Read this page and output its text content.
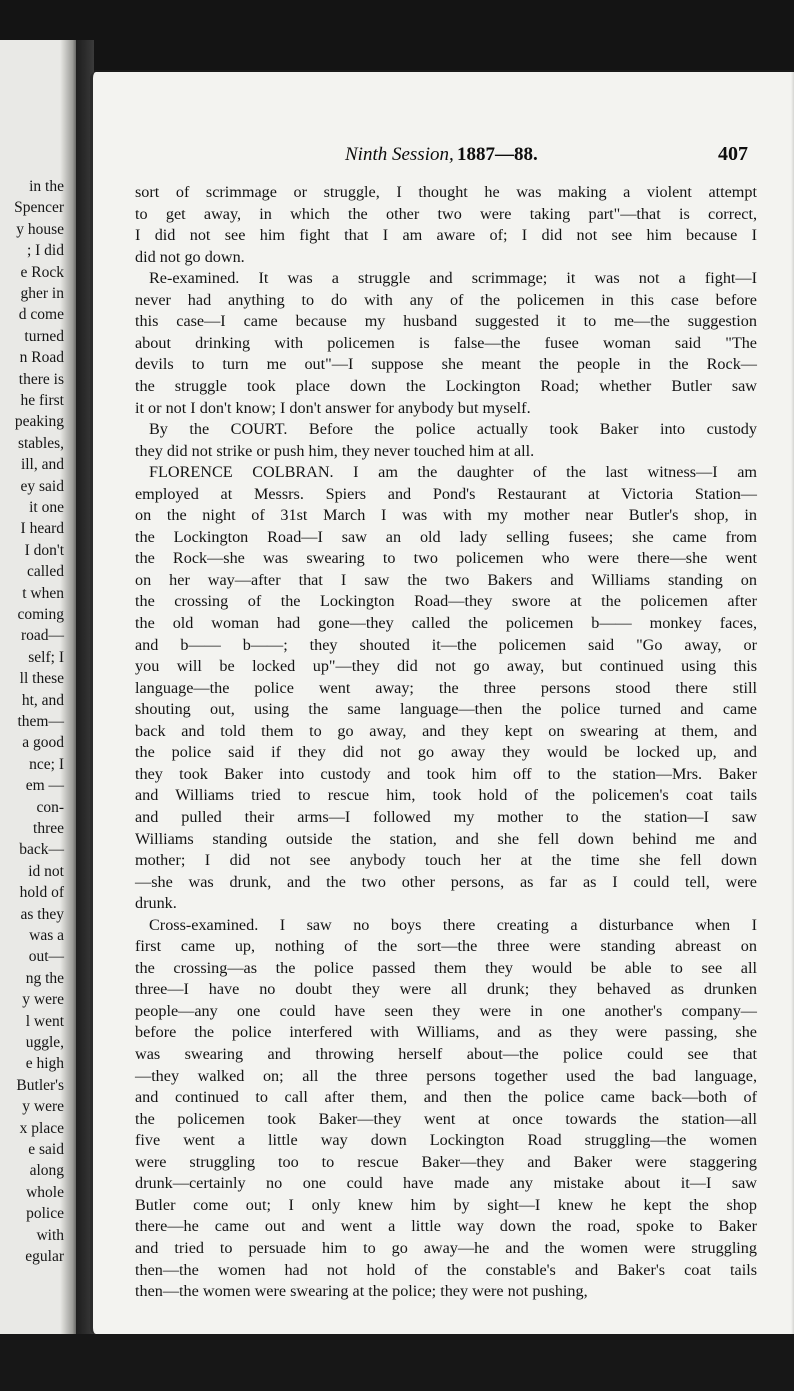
in the
Spencer
y house
; I did
e Rock
gher in
d come
turned
n Road
there is
he first
peaking
stables,
ill, and
ey said
it one
I heard
I don't
called
t when
coming
road—
self; I
ll these
ht, and
them—
a good
nce; I
em —
con-
three
back—
id not
hold of
as they
was a
out—
ng the
y were
l went
uggle,
e high
Butler's
y were
x place
e said
along
whole
police
with
egular
Ninth Session, 1887—88.	407
sort of scrimmage or struggle, I thought he was making a violent attempt
to get away, in which the other two were taking part"—that is correct,
I did not see him fight that I am aware of; I did not see him because I
did not go down.
Re-examined. It was a struggle and scrimmage; it was not a fight—I
never had anything to do with any of the policemen in this case before
this case—I came because my husband suggested it to me—the suggestion
about drinking with policemen is false—the fusee woman said "The
devils to turn me out"—I suppose she meant the people in the Rock—
the struggle took place down the Lockington Road; whether Butler saw
it or not I don't know; I don't answer for anybody but myself.
By the COURT. Before the police actually took Baker into custody
they did not strike or push him, they never touched him at all.
FLORENCE COLBRAN. I am the daughter of the last witness—I am
employed at Messrs. Spiers and Pond's Restaurant at Victoria Station—
on the night of 31st March I was with my mother near Butler's shop, in
the Lockington Road—I saw an old lady selling fusees; she came from
the Rock—she was swearing to two policemen who were there—she went
on her way—after that I saw the two Bakers and Williams standing on
the crossing of the Lockington Road—they swore at the policemen after
the old woman had gone—they called the policemen b—— monkey faces,
and b—— b——; they shouted it—the policemen said "Go away, or
you will be locked up"—they did not go away, but continued using this
language—the police went away; the three persons stood there still
shouting out, using the same language—then the police turned and came
back and told them to go away, and they kept on swearing at them, and
the police said if they did not go away they would be locked up, and
they took Baker into custody and took him off to the station—Mrs. Baker
and Williams tried to rescue him, took hold of the policemen's coat tails
and pulled their arms—I followed my mother to the station—I saw
Williams standing outside the station, and she fell down behind me and
mother; I did not see anybody touch her at the time she fell down
—she was drunk, and the two other persons, as far as I could tell, were
drunk.
Cross-examined. I saw no boys there creating a disturbance when I
first came up, nothing of the sort—the three were standing abreast on
the crossing—as the police passed them they would be able to see all
three—I have no doubt they were all drunk; they behaved as drunken
people—any one could have seen they were in one another's company—
before the police interfered with Williams, and as they were passing, she
was swearing and throwing herself about—the police could see that
—they walked on; all the three persons together used the bad language,
and continued to call after them, and then the police came back—both of
the policemen took Baker—they went at once towards the station—all
five went a little way down Lockington Road struggling—the women
were struggling too to rescue Baker—they and Baker were staggering
drunk—certainly no one could have made any mistake about it—I saw
Butler come out; I only knew him by sight—I knew he kept the shop
there—he came out and went a little way down the road, spoke to Baker
and tried to persuade him to go away—he and the women were struggling
then—the women had not hold of the constable's and Baker's coat tails
then—the women were swearing at the police; they were not pushing,
